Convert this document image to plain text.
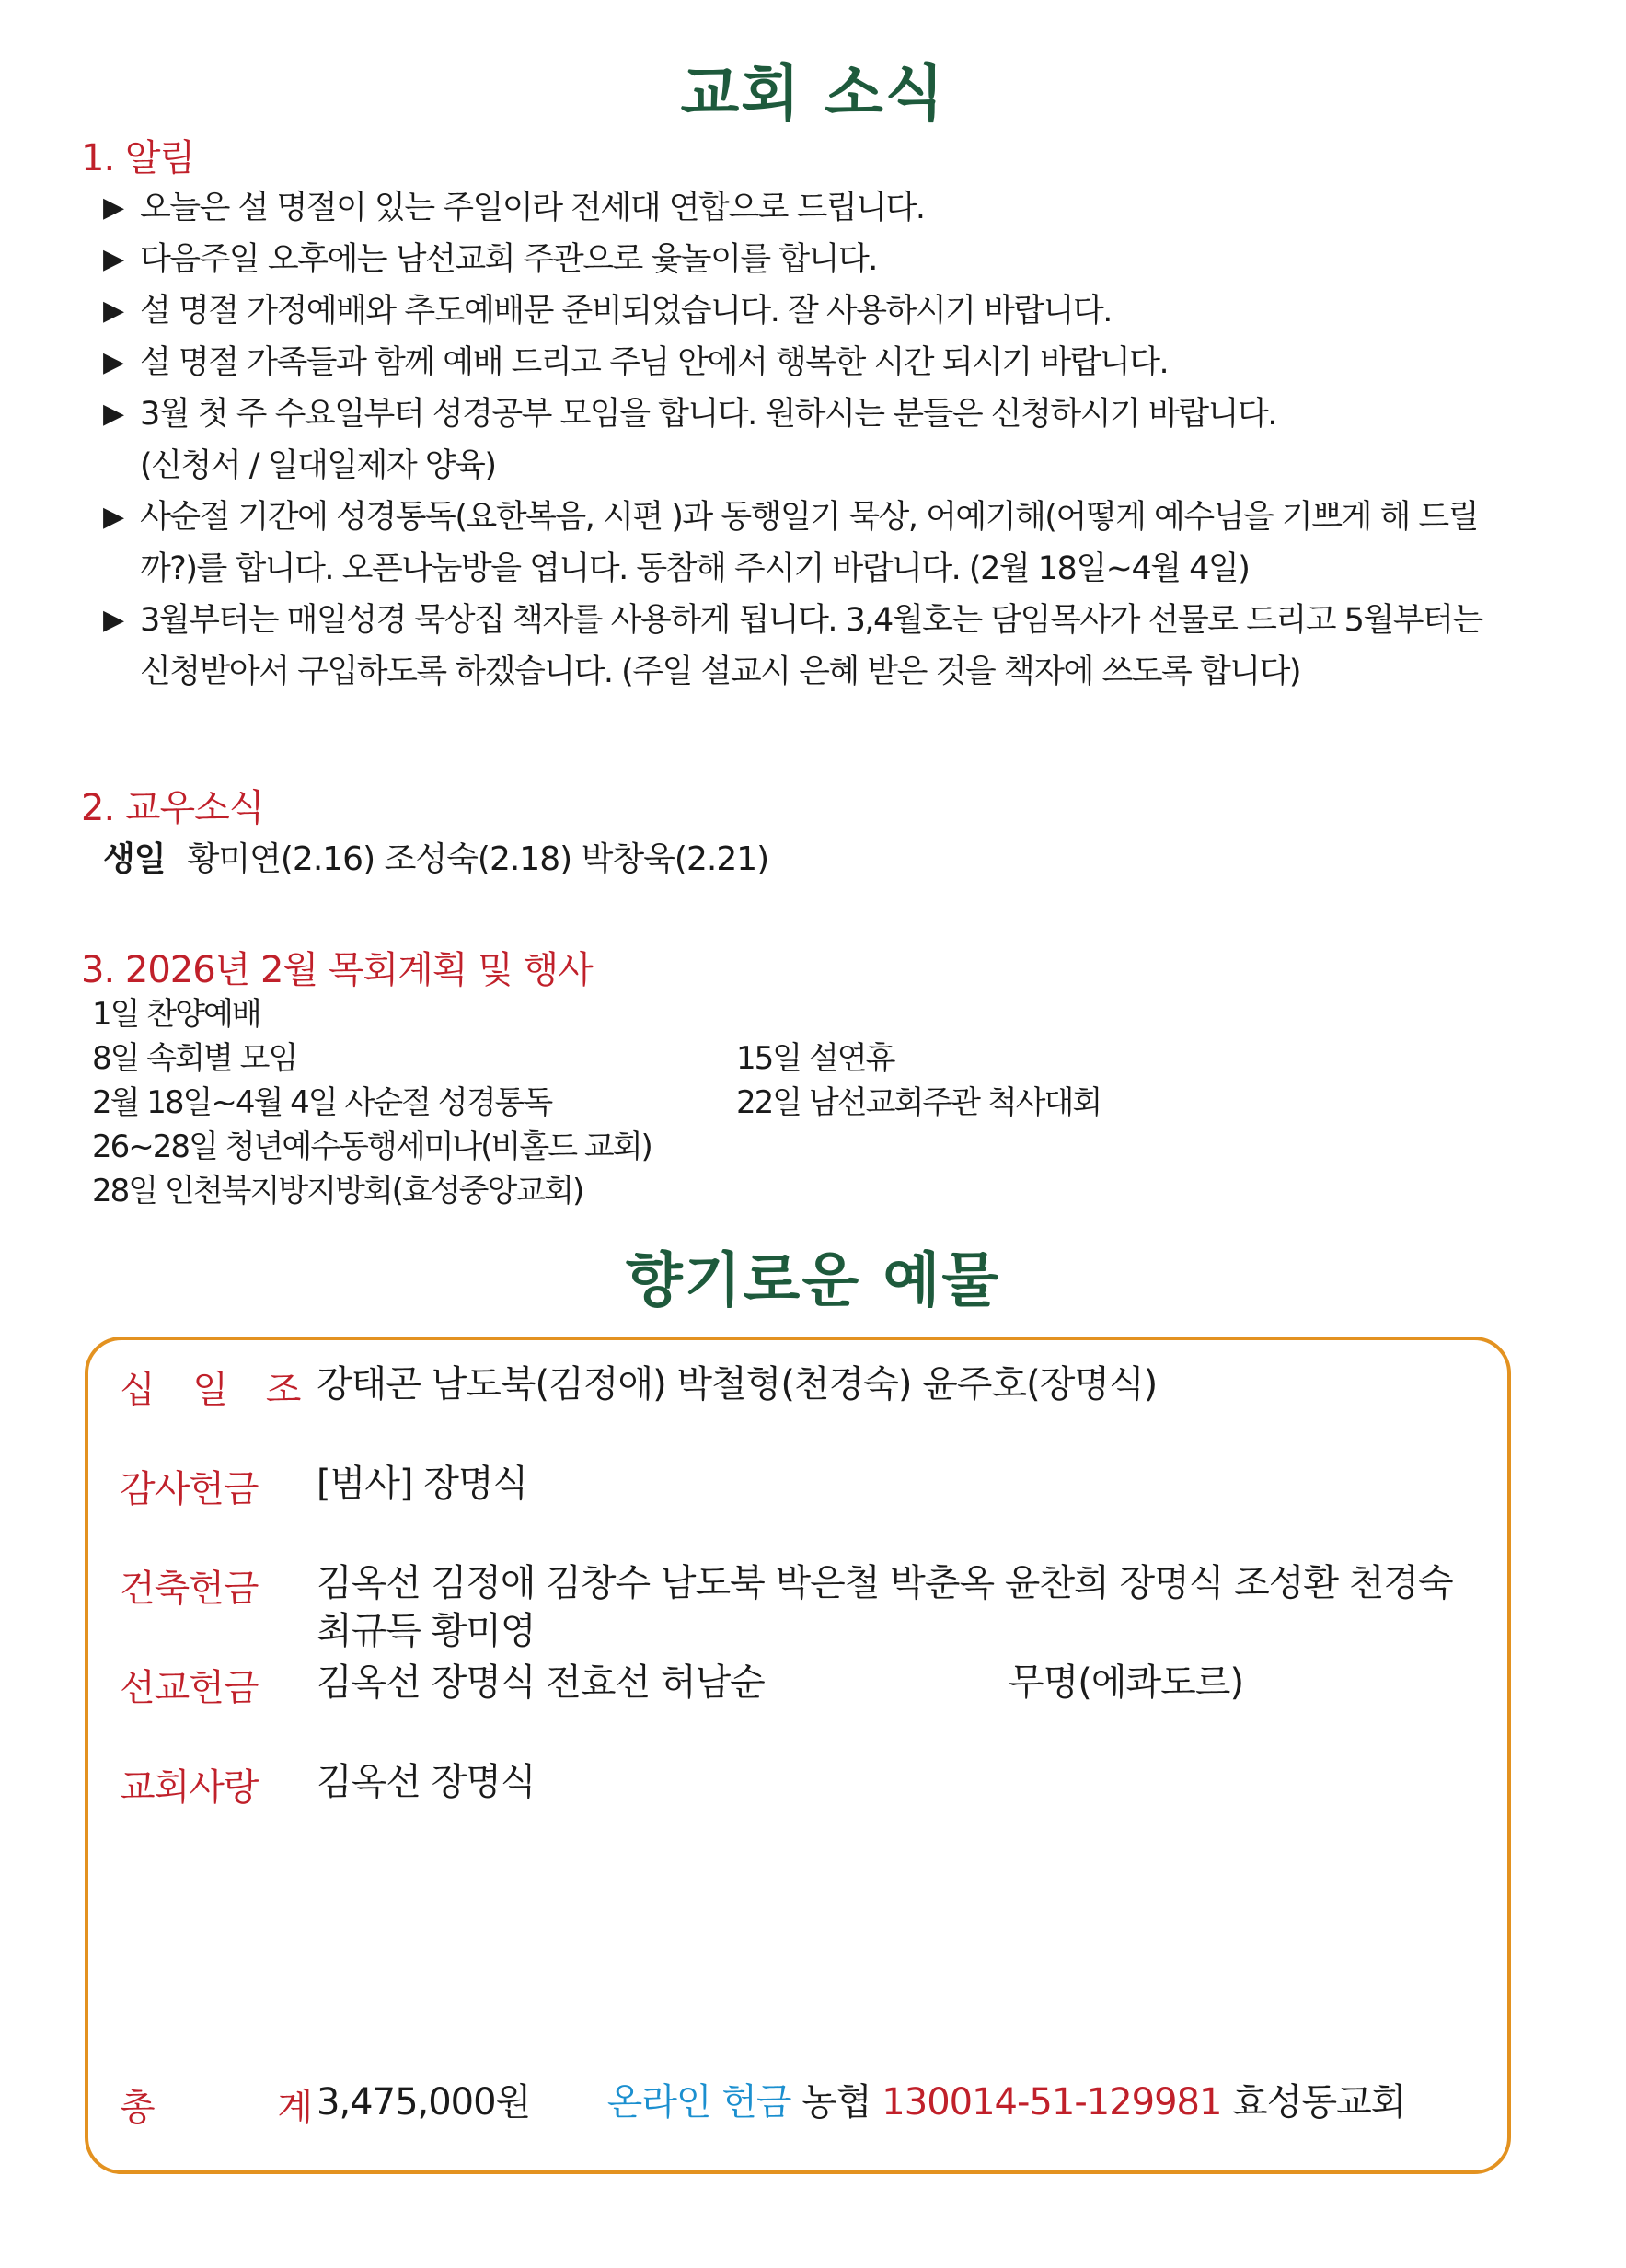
교회 소식
1. 알림
▶ 오늘은 설 명절이 있는 주일이라 전세대 연합으로 드립니다.
▶ 다음주일 오후에는 남선교회 주관으로 윷놀이를 합니다.
▶ 설 명절 가정예배와 추도예배문 준비되었습니다. 잘 사용하시기 바랍니다.
▶ 설 명절 가족들과 함께 예배 드리고 주님 안에서 행복한 시간 되시기 바랍니다.
▶ 3월 첫 주 수요일부터 성경공부 모임을 합니다. 원하시는 분들은 신청하시기 바랍니다.
(신청서 / 일대일제자 양육)
▶ 사순절 기간에 성경통독(요한복음, 시편 )과 동행일기 묵상, 어예기해(어떻게 예수님을 기쁘게 해 드릴까?)를 합니다. 오픈나눔방을 엽니다. 동참해 주시기 바랍니다. (2월 18일~4월 4일)
▶ 3월부터는 매일성경 묵상집 책자를 사용하게 됩니다. 3,4월호는 담임목사가 선물로 드리고 5월부터는 신청받아서 구입하도록 하겠습니다. (주일 설교시 은혜 받은 것을 책자에 쓰도록 합니다)
2. 교우소식
생일 황미연(2.16) 조성숙(2.18) 박창욱(2.21)
3. 2026년 2월 목회계획 및 행사
1일 찬양예배
8일 속회별 모임
2월 18일~4월 4일 사순절 성경통독
26~28일 청년예수동행세미나(비홀드 교회)
28일 인천북지방지방회(효성중앙교회)
15일 설연휴
22일 남선교회주관 척사대회
향기로운 예물
십 일 조 강태곤 남도북(김정애) 박철형(천경숙) 윤주호(장명식)
감사헌금 [범사] 장명식
건축헌금 김옥선 김정애 김창수 남도북 박은철 박춘옥 윤찬희 장명식 조성환 천경숙 최규득 황미영
선교헌금 김옥선 장명식 전효선 허남순	무명(에콰도르)
교회사랑 김옥선 장명식
총 계
3,475,000원 온라인 헌금 농협 130014-51-129981 효성동교회
